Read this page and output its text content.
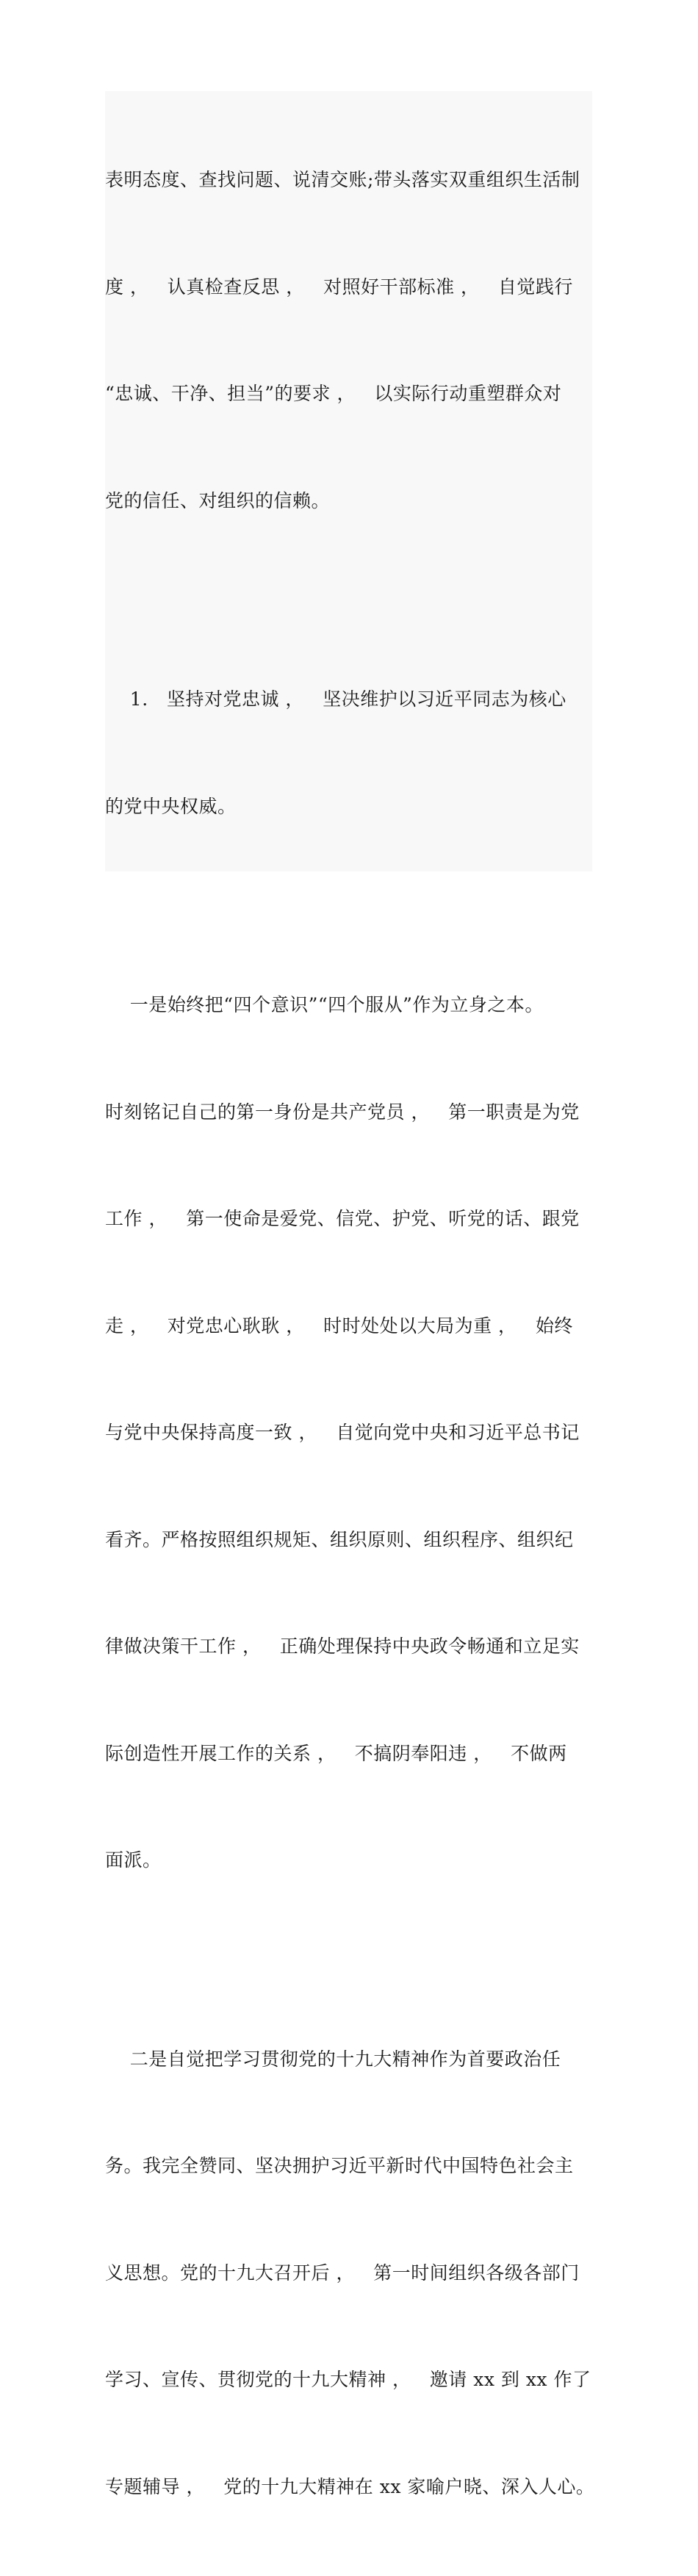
表明态度、查找问题、说清交账;带头落实双重组织生活制

度 ，   认真检查反思 ，   对照好干部标准 ，   自觉践行

“忠诚、干净、担当”的要求 ，   以实际行动重塑群众对

党的信任、对组织的信赖。

1.   坚持对党忠诚 ，   坚决维护以习近平同志为核心

的党中央权威。

一是始终把“四个意识”“四个服从”作为立身之本。

时刻铭记自己的第一身份是共产党员 ，   第一职责是为党

工作 ，   第一使命是爱党、信党、护党、听党的话、跟党

走 ，   对党忠心耿耿 ，   时时处处以大局为重 ，   始终

与党中央保持高度一致 ，   自觉向党中央和习近平总书记

看齐。严格按照组织规矩、组织原则、组织程序、组织纪

律做决策干工作 ，   正确处理保持中央政令畅通和立足实

际创造性开展工作的关系 ，   不搞阴奉阳违 ，   不做两

面派。

二是自觉把学习贯彻党的十九大精神作为首要政治任

务。我完全赞同、坚决拥护习近平新时代中国特色社会主

义思想。党的十九大召开后 ，   第一时间组织各级各部门

学习、宣传、贯彻党的十九大精神 ，   邀请 xx 到 xx 作了

专题辅导 ，   党的十九大精神在 xx 家喻户晓、深入人心。
